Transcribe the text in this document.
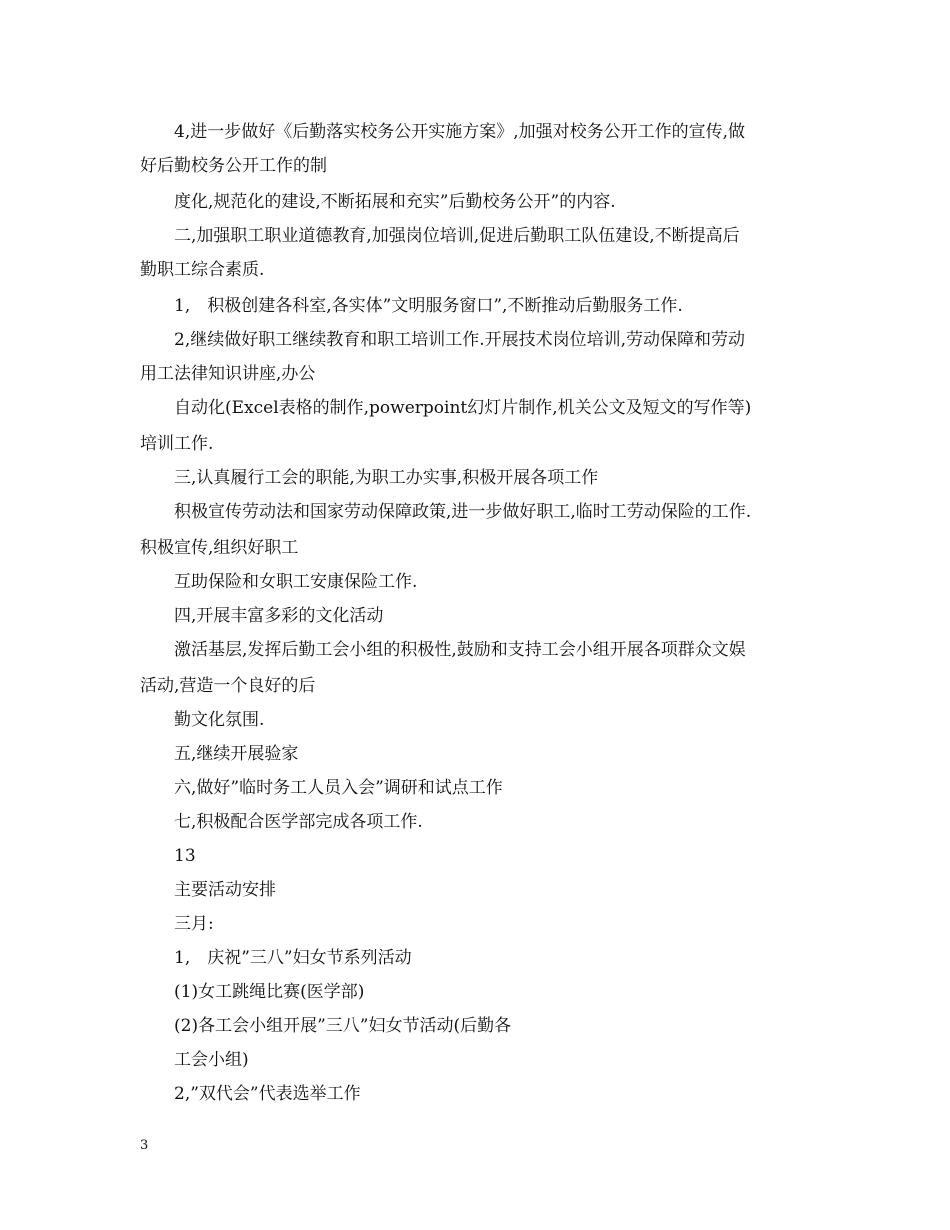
4,进一步做好《后勤落实校务公开实施方案》,加强对校务公开工作的宣传,做
好后勤校务公开工作的制
度化,规范化的建设,不断拓展和充实”后勤校务公开”的内容.
二,加强职工职业道德教育,加强岗位培训,促进后勤职工队伍建设,不断提高后
勤职工综合素质.
1,　积极创建各科室,各实体”文明服务窗口”,不断推动后勤服务工作.
2,继续做好职工继续教育和职工培训工作.开展技术岗位培训,劳动保障和劳动
用工法律知识讲座,办公
自动化(Excel表格的制作,powerpoint幻灯片制作,机关公文及短文的写作等)
培训工作.
三,认真履行工会的职能,为职工办实事,积极开展各项工作
积极宣传劳动法和国家劳动保障政策,进一步做好职工,临时工劳动保险的工作.
积极宣传,组织好职工
互助保险和女职工安康保险工作.
四,开展丰富多彩的文化活动
激活基层,发挥后勤工会小组的积极性,鼓励和支持工会小组开展各项群众文娱
活动,营造一个良好的后
勤文化氛围.
五,继续开展验家
六,做好”临时务工人员入会”调研和试点工作
七,积极配合医学部完成各项工作.
13
主要活动安排
三月:
1,　庆祝”三八”妇女节系列活动
(1)女工跳绳比赛(医学部)
(2)各工会小组开展”三八”妇女节活动(后勤各
工会小组)
2,”双代会”代表选举工作
3
